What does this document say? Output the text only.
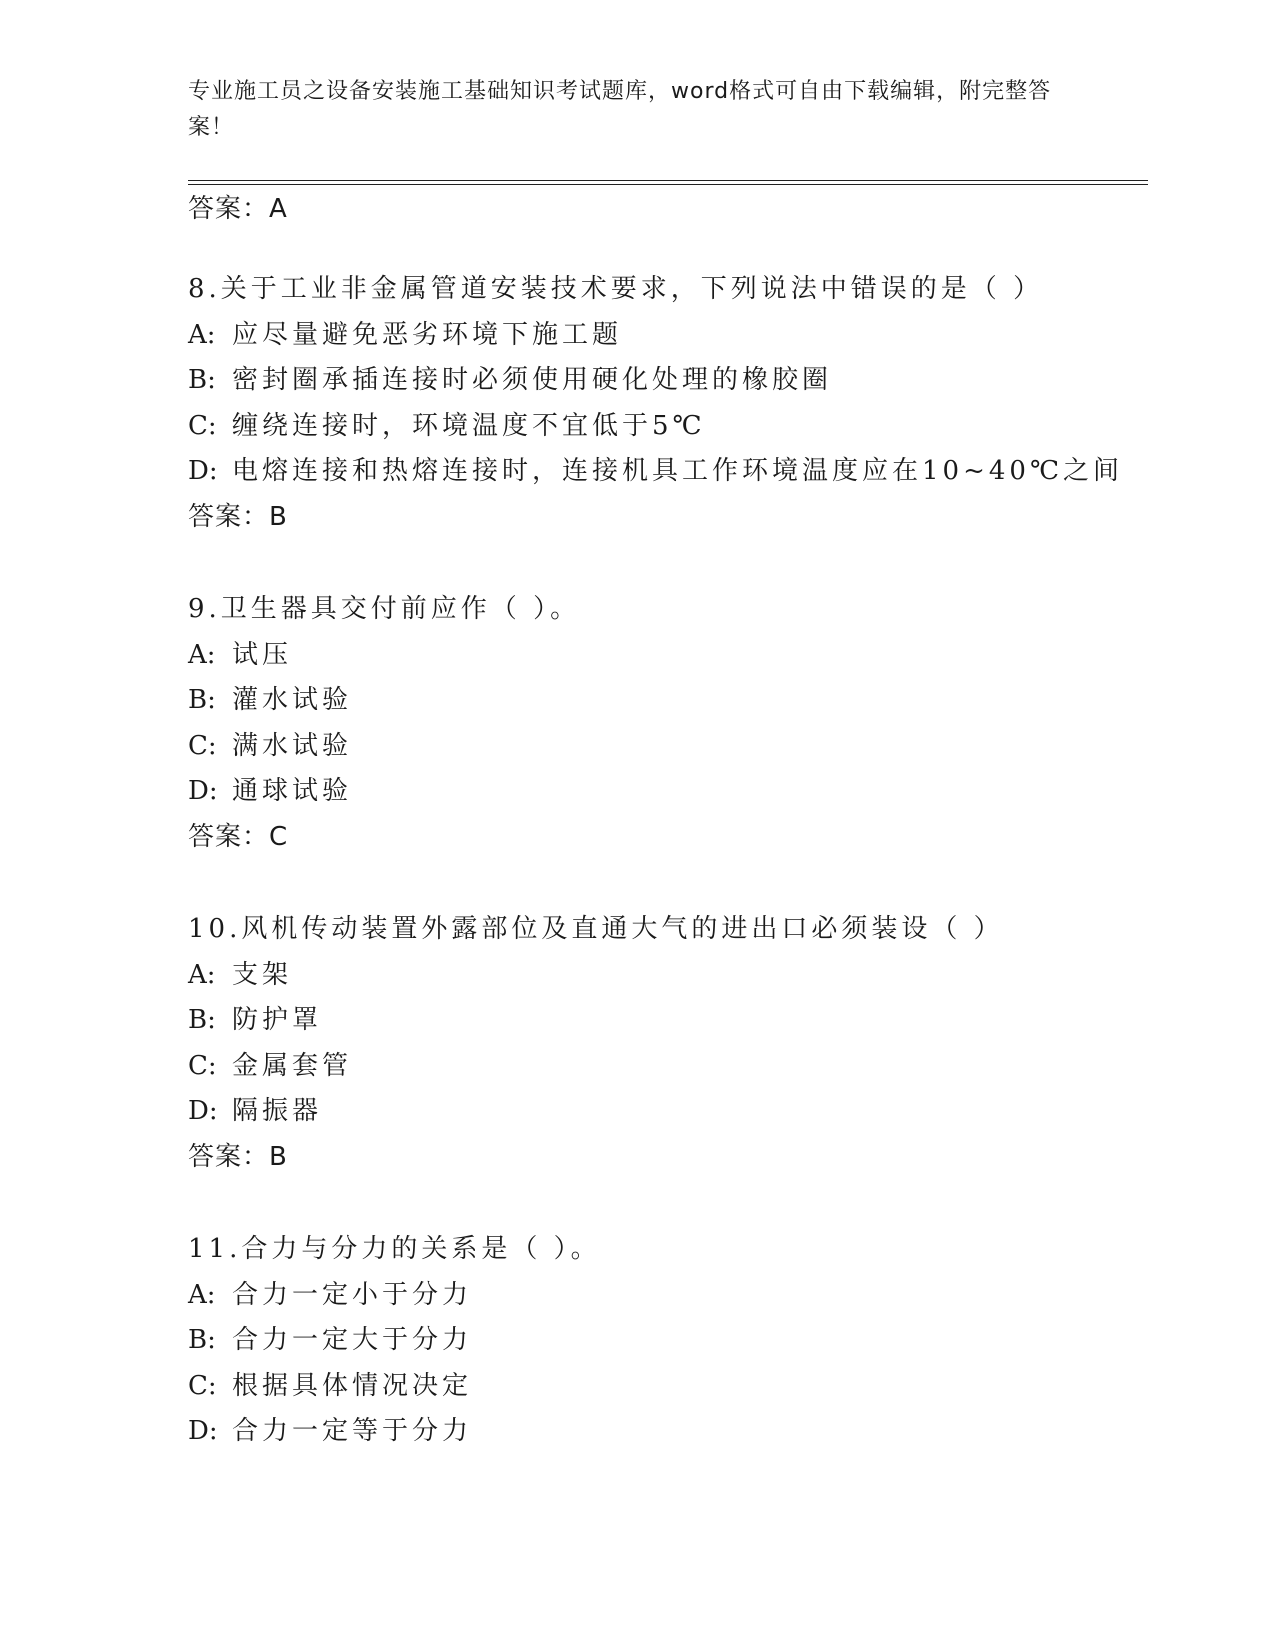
专业施工员之设备安装施工基础知识考试题库，word格式可自由下载编辑，附完整答案！
答案：A
8.关于工业非金属管道安装技术要求，下列说法中错误的是（ ）
A: 应尽量避免恶劣环境下施工题
B: 密封圈承插连接时必须使用硬化处理的橡胶圈
C: 缠绕连接时，环境温度不宜低于5℃
D: 电熔连接和热熔连接时，连接机具工作环境温度应在10~40℃之间
答案：B
9.卫生器具交付前应作（ ）。
A: 试压
B: 灌水试验
C: 满水试验
D: 通球试验
答案：C
10.风机传动装置外露部位及直通大气的进出口必须装设（ ）
A: 支架
B: 防护罩
C: 金属套管
D: 隔振器
答案：B
11.合力与分力的关系是（ ）。
A: 合力一定小于分力
B: 合力一定大于分力
C: 根据具体情况决定
D: 合力一定等于分力
